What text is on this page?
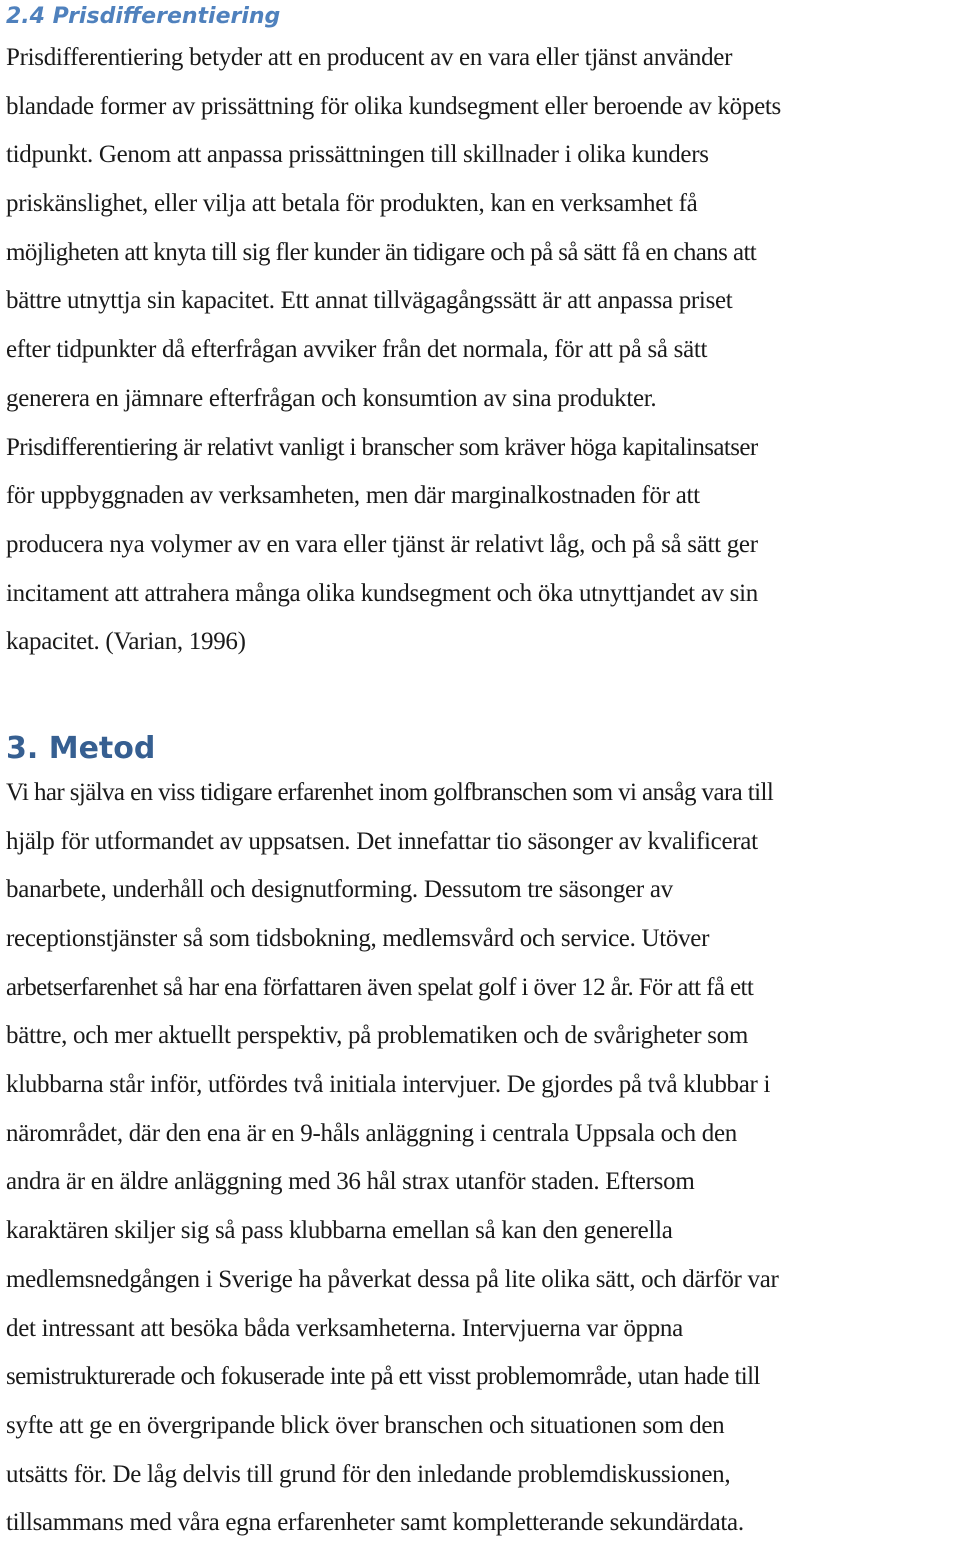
2.4 Prisdifferentiering
Prisdifferentiering betyder att en producent av en vara eller tjänst använder
blandade former av prissättning för olika kundsegment eller beroende av köpets
tidpunkt. Genom att anpassa prissättningen till skillnader i olika kunders
priskänslighet, eller vilja att betala för produkten, kan en verksamhet få
möjligheten att knyta till sig fler kunder än tidigare och på så sätt få en chans att
bättre utnyttja sin kapacitet. Ett annat tillvägagångssätt är att anpassa priset
efter tidpunkter då efterfrågan avviker från det normala, för att på så sätt
generera en jämnare efterfrågan och konsumtion av sina produkter.
Prisdifferentiering är relativt vanligt i branscher som kräver höga kapitalinsatser
för uppbyggnaden av verksamheten, men där marginalkostnaden för att
producera nya volymer av en vara eller tjänst är relativt låg, och på så sätt ger
incitament att attrahera många olika kundsegment och öka utnyttjandet av sin
kapacitet. (Varian, 1996)
3. Metod
Vi har själva en viss tidigare erfarenhet inom golfbranschen som vi ansåg vara till
hjälp för utformandet av uppsatsen. Det innefattar tio säsonger av kvalificerat
banarbete, underhåll och designutforming. Dessutom tre säsonger av
receptionstjänster så som tidsbokning, medlemsvård och service. Utöver
arbetserfarenhet så har ena författaren även spelat golf i över 12 år. För att få ett
bättre, och mer aktuellt perspektiv, på problematiken och de svårigheter som
klubbarna står inför, utfördes två initiala intervjuer. De gjordes på två klubbar i
närområdet, där den ena är en 9-håls anläggning i centrala Uppsala och den
andra är en äldre anläggning med 36 hål strax utanför staden. Eftersom
karaktären skiljer sig så pass klubbarna emellan så kan den generella
medlemsnedgången i Sverige ha påverkat dessa på lite olika sätt, och därför var
det intressant att besöka båda verksamheterna. Intervjuerna var öppna
semistrukturerade och fokuserade inte på ett visst problemområde, utan hade till
syfte att ge en övergripande blick över branschen och situationen som den
utsätts för. De låg delvis till grund för den inledande problemdiskussionen,
tillsammans med våra egna erfarenheter samt kompletterande sekundärdata.
